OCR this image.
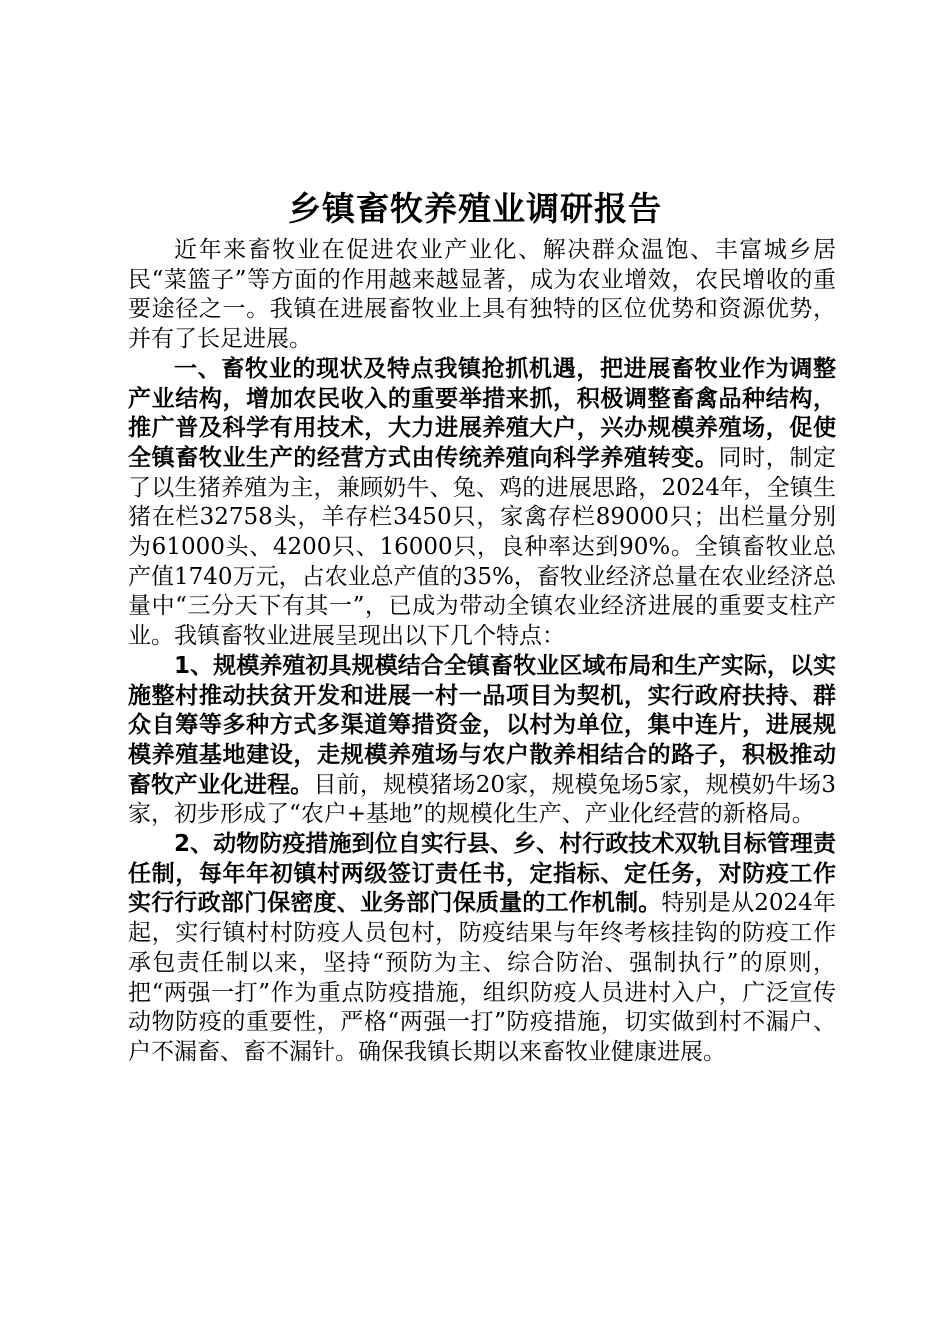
乡镇畜牧养殖业调研报告

近年来畜牧业在促进农业产业化、解决群众温饱、丰富城乡居民“菜篮子”等方面的作用越来越显著，成为农业增效，农民增收的重要途径之一。我镇在进展畜牧业上具有独特的区位优势和资源优势，并有了长足进展。

一、畜牧业的现状及特点我镇抢抓机遇，把进展畜牧业作为调整产业结构，增加农民收入的重要举措来抓，积极调整畜禽品种结构，推广普及科学有用技术，大力进展养殖大户，兴办规模养殖场，促使全镇畜牧业生产的经营方式由传统养殖向科学养殖转变。同时，制定了以生猪养殖为主，兼顾奶牛、兔、鸡的进展思路，2024年，全镇生猪在栏32758头，羊存栏3450只，家禽存栏89000只；出栏量分别为61000头、4200只、16000只，良种率达到90%。全镇畜牧业总产值1740万元，占农业总产值的35%，畜牧业经济总量在农业经济总量中“三分天下有其一”，已成为带动全镇农业经济进展的重要支柱产业。我镇畜牧业进展呈现出以下几个特点：

1、规模养殖初具规模结合全镇畜牧业区域布局和生产实际，以实施整村推动扶贫开发和进展一村一品项目为契机，实行政府扶持、群众自筹等多种方式多渠道筹措资金，以村为单位，集中连片，进展规模养殖基地建设，走规模养殖场与农户散养相结合的路子，积极推动畜牧产业化进程。目前，规模猪场20家，规模兔场5家，规模奶牛场3家，初步形成了“农户+基地”的规模化生产、产业化经营的新格局。

2、动物防疫措施到位自实行县、乡、村行政技术双轨目标管理责任制，每年年初镇村两级签订责任书，定指标、定任务，对防疫工作实行行政部门保密度、业务部门保质量的工作机制。特别是从2024年起，实行镇村村防疫人员包村，防疫结果与年终考核挂钩的防疫工作承包责任制以来，坚持“预防为主、综合防治、强制执行”的原则，把“两强一打”作为重点防疫措施，组织防疫人员进村入户，广泛宣传动物防疫的重要性，严格“两强一打”防疫措施，切实做到村不漏户、户不漏畜、畜不漏针。确保我镇长期以来畜牧业健康进展。
